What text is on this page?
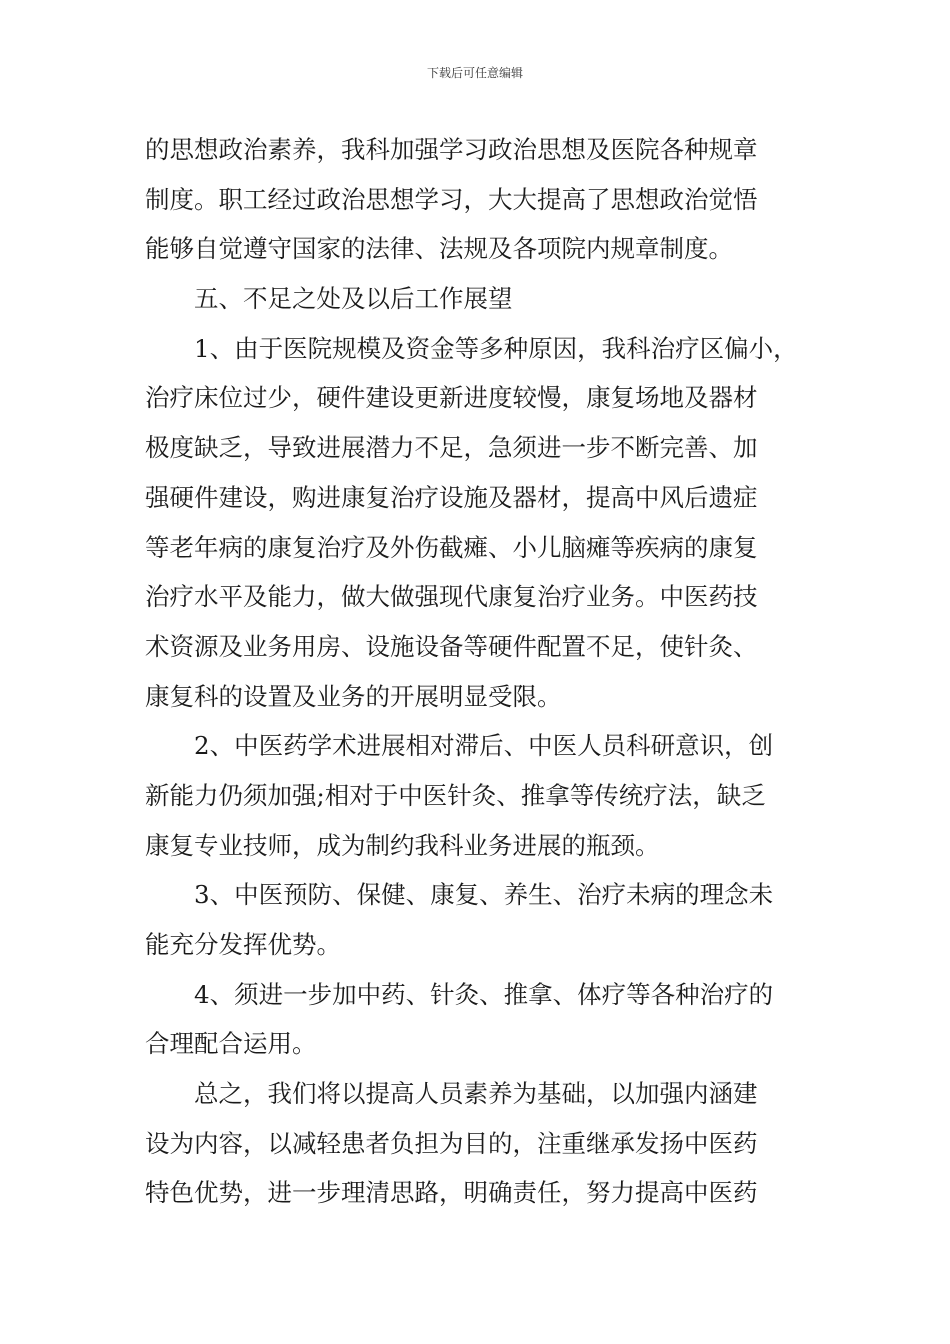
下载后可任意编辑
的思想政治素养，我科加强学习政治思想及医院各种规章
制度。职工经过政治思想学习，大大提高了思想政治觉悟
能够自觉遵守国家的法律、法规及各项院内规章制度。
五、不足之处及以后工作展望
1、由于医院规模及资金等多种原因，我科治疗区偏小，
治疗床位过少，硬件建设更新进度较慢，康复场地及器材
极度缺乏，导致进展潜力不足，急须进一步不断完善、加
强硬件建设，购进康复治疗设施及器材，提高中风后遗症
等老年病的康复治疗及外伤截瘫、小儿脑瘫等疾病的康复
治疗水平及能力，做大做强现代康复治疗业务。中医药技
术资源及业务用房、设施设备等硬件配置不足，使针灸、
康复科的设置及业务的开展明显受限。
2、中医药学术进展相对滞后、中医人员科研意识，创
新能力仍须加强;相对于中医针灸、推拿等传统疗法，缺乏
康复专业技师，成为制约我科业务进展的瓶颈。
3、中医预防、保健、康复、养生、治疗未病的理念未
能充分发挥优势。
4、须进一步加中药、针灸、推拿、体疗等各种治疗的
合理配合运用。
总之，我们将以提高人员素养为基础，以加强内涵建
设为内容，以减轻患者负担为目的，注重继承发扬中医药
特色优势，进一步理清思路，明确责任，努力提高中医药
